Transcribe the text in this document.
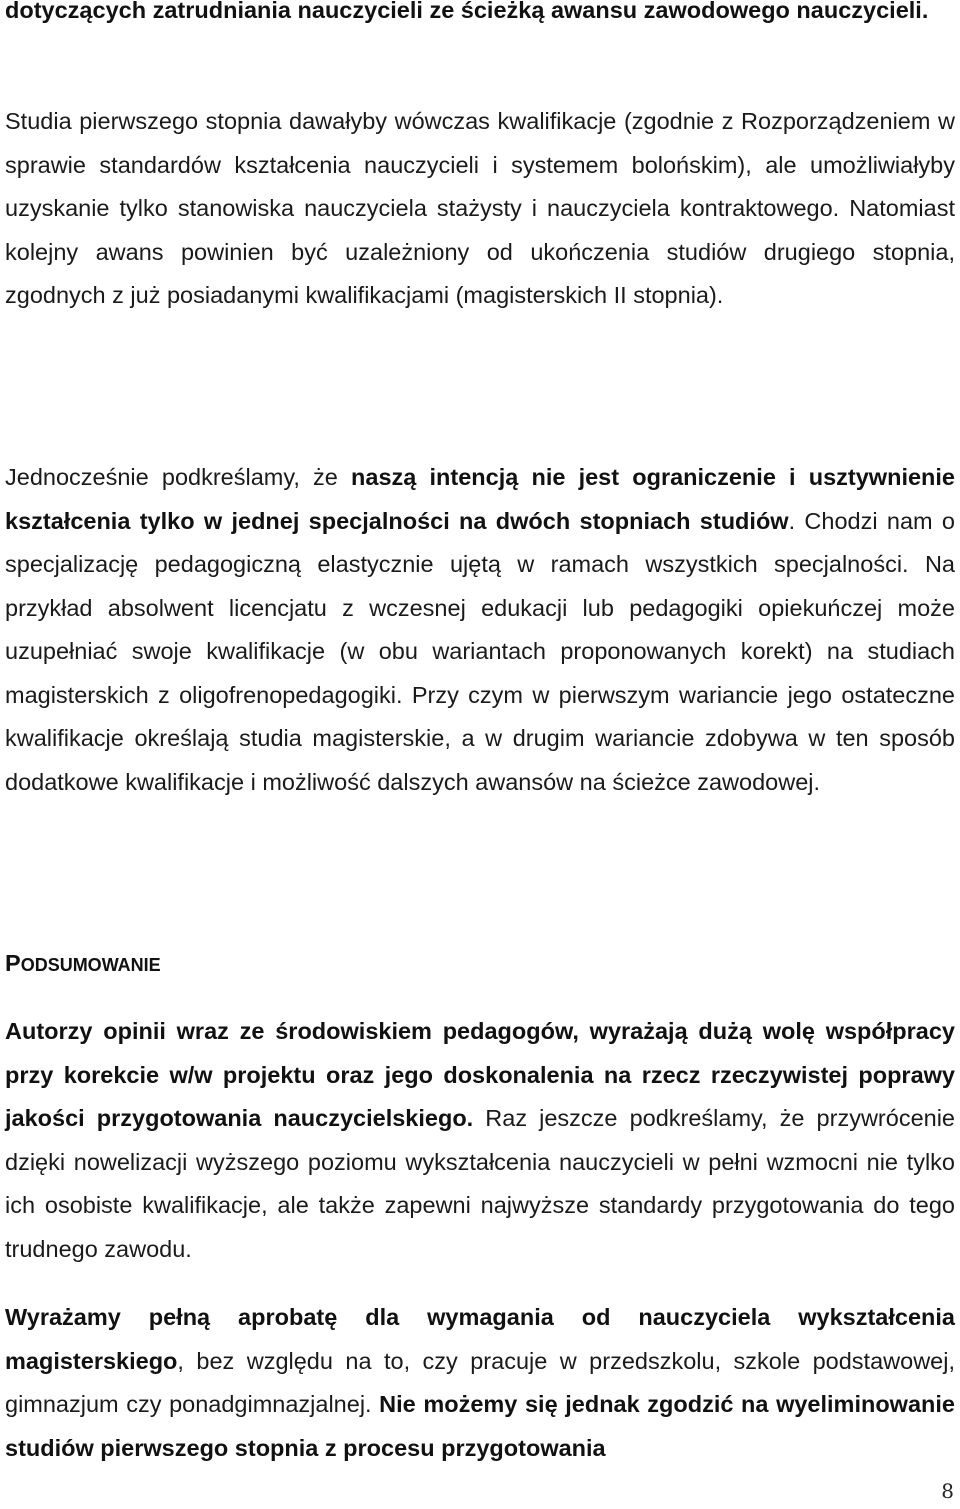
dotyczących zatrudniania nauczycieli ze ścieżką awansu zawodowego nauczycieli.

Studia pierwszego stopnia dawałyby wówczas kwalifikacje (zgodnie z Rozporządzeniem w sprawie standardów kształcenia nauczycieli i systemem bolońskim), ale umożliwiałyby uzyskanie tylko stanowiska nauczyciela stażysty i nauczyciela kontraktowego. Natomiast kolejny awans powinien być uzależniony od ukończenia studiów drugiego stopnia, zgodnych z już posiadanymi kwalifikacjami (magisterskich II stopnia).

Jednocześnie podkreślamy, że naszą intencją nie jest ograniczenie i usztywnienie kształcenia tylko w jednej specjalności na dwóch stopniach studiów. Chodzi nam o specjalizację pedagogiczną elastycznie ujętą w ramach wszystkich specjalności. Na przykład absolwent licencjatu z wczesnej edukacji lub pedagogiki opiekuńczej może uzupełniać swoje kwalifikacje (w obu wariantach proponowanych korekt) na studiach magisterskich z oligofrenopedagogiki. Przy czym w pierwszym wariancie jego ostateczne kwalifikacje określają studia magisterskie, a w drugim wariancie zdobywa w ten sposób dodatkowe kwalifikacje i możliwość dalszych awansów na ścieżce zawodowej.

PODSUMOWANIE

Autorzy opinii wraz ze środowiskiem pedagogów, wyrażają dużą wolę współpracy przy korekcie w/w projektu oraz jego doskonalenia na rzecz rzeczywistej poprawy jakości przygotowania nauczycielskiego. Raz jeszcze podkreślamy, że przywrócenie dzięki nowelizacji wyższego poziomu wykształcenia nauczycieli w pełni wzmocni nie tylko ich osobiste kwalifikacje, ale także zapewni najwyższe standardy przygotowania do tego trudnego zawodu.

Wyrażamy pełną aprobatę dla wymagania od nauczyciela wykształcenia magisterskiego, bez względu na to, czy pracuje w przedszkolu, szkole podstawowej, gimnazjum czy ponadgimnazjalnej. Nie możemy się jednak zgodzić na wyeliminowanie studiów pierwszego stopnia z procesu przygotowania

8
